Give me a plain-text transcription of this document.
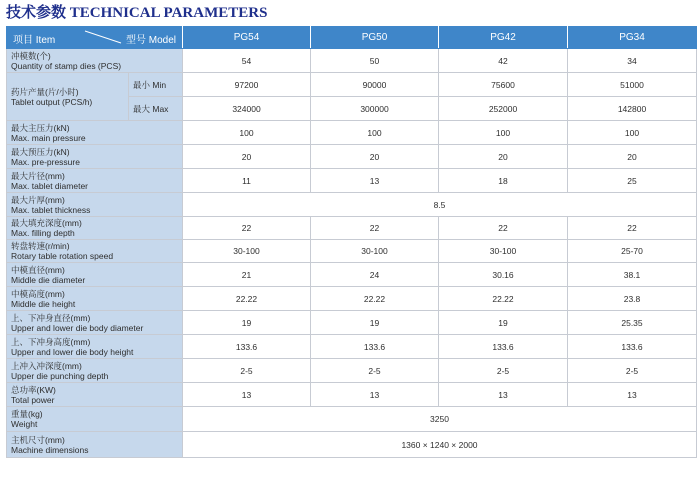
技术参数 TECHNICAL PARAMETERS
项目 Item 型号 Model		PG54	PG50	PG42	PG34

冲模数(个)
Quantity of stamp dies (PCS)		54	50	42	34

药片产量(片/小时)
Tablet output (PCS/h)	最小 Min	97200	90000	75600	51000
	最大 Max	324000	300000	252000	142800

最大主压力(kN)
Max. main pressure		100	100	100	100

最大预压力(kN)
Max. pre-pressure		20	20	20	20

最大片径(mm)
Max. tablet diameter		11	13	18	25

最大片厚(mm)
Max. tablet thickness		8.5			

最大填充深度(mm)
Max. filling depth		22	22	22	22

转盘转速(r/min)
Rotary table rotation speed		30-100	30-100	30-100	25-70

中模直径(mm)
Middle die diameter		21	24	30.16	38.1

中模高度(mm)
Middle die height		22.22	22.22	22.22	23.8

上、下冲身直径(mm)
Upper and lower die body diameter		19	19	19	25.35

上、下冲身高度(mm)
Upper and lower die body height		133.6	133.6	133.6	133.6

上冲入冲深度(mm)
Upper die punching depth		2-5	2-5	2-5	2-5

总功率(KW)
Total power		13	13	13	13

重量(kg)
Weight		3250			

主机尺寸(mm)
Machine dimensions		1360 × 1240 × 2000			
